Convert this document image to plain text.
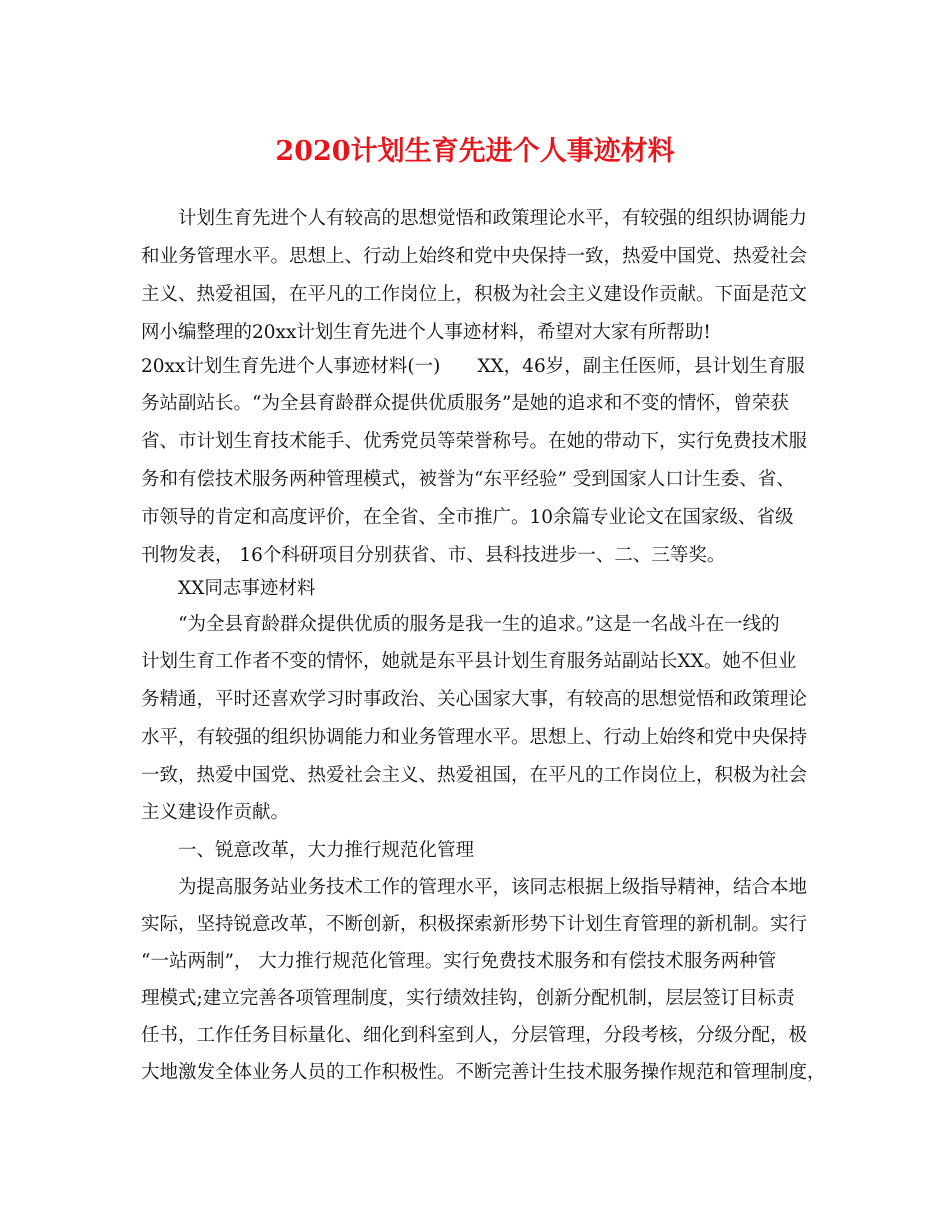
2020计划生育先进个人事迹材料
计划生育先进个人有较高的思想觉悟和政策理论水平，有较强的组织协调能力
和业务管理水平。思想上、行动上始终和党中央保持一致，热爱中国党、热爱社会
主义、热爱祖国，在平凡的工作岗位上，积极为社会主义建设作贡献。下面是范文
网小编整理的20xx计划生育先进个人事迹材料，希望对大家有所帮助!
20xx计划生育先进个人事迹材料(一)　　XX，46岁，副主任医师，县计划生育服
务站副站长。“为全县育龄群众提供优质服务”是她的追求和不变的情怀，曾荣获
省、市计划生育技术能手、优秀党员等荣誉称号。在她的带动下，实行免费技术服
务和有偿技术服务两种管理模式，被誉为“东平经验” 受到国家人口计生委、省、
市领导的肯定和高度评价，在全省、全市推广。10余篇专业论文在国家级、省级
刊物发表， 16个科研项目分别获省、市、县科技进步一、二、三等奖。
XX同志事迹材料
“为全县育龄群众提供优质的服务是我一生的追求。”这是一名战斗在一线的
计划生育工作者不变的情怀，她就是东平县计划生育服务站副站长XX。她不但业
务精通，平时还喜欢学习时事政治、关心国家大事，有较高的思想觉悟和政策理论
水平，有较强的组织协调能力和业务管理水平。思想上、行动上始终和党中央保持
一致，热爱中国党、热爱社会主义、热爱祖国，在平凡的工作岗位上，积极为社会
主义建设作贡献。
一、锐意改革，大力推行规范化管理
为提高服务站业务技术工作的管理水平，该同志根据上级指导精神，结合本地
实际，坚持锐意改革，不断创新，积极探索新形势下计划生育管理的新机制。实行
“一站两制”， 大力推行规范化管理。实行免费技术服务和有偿技术服务两种管
理模式;建立完善各项管理制度，实行绩效挂钩，创新分配机制，层层签订目标责
任书，工作任务目标量化、细化到科室到人，分层管理，分段考核，分级分配，极
大地激发全体业务人员的工作积极性。不断完善计生技术服务操作规范和管理制度，
